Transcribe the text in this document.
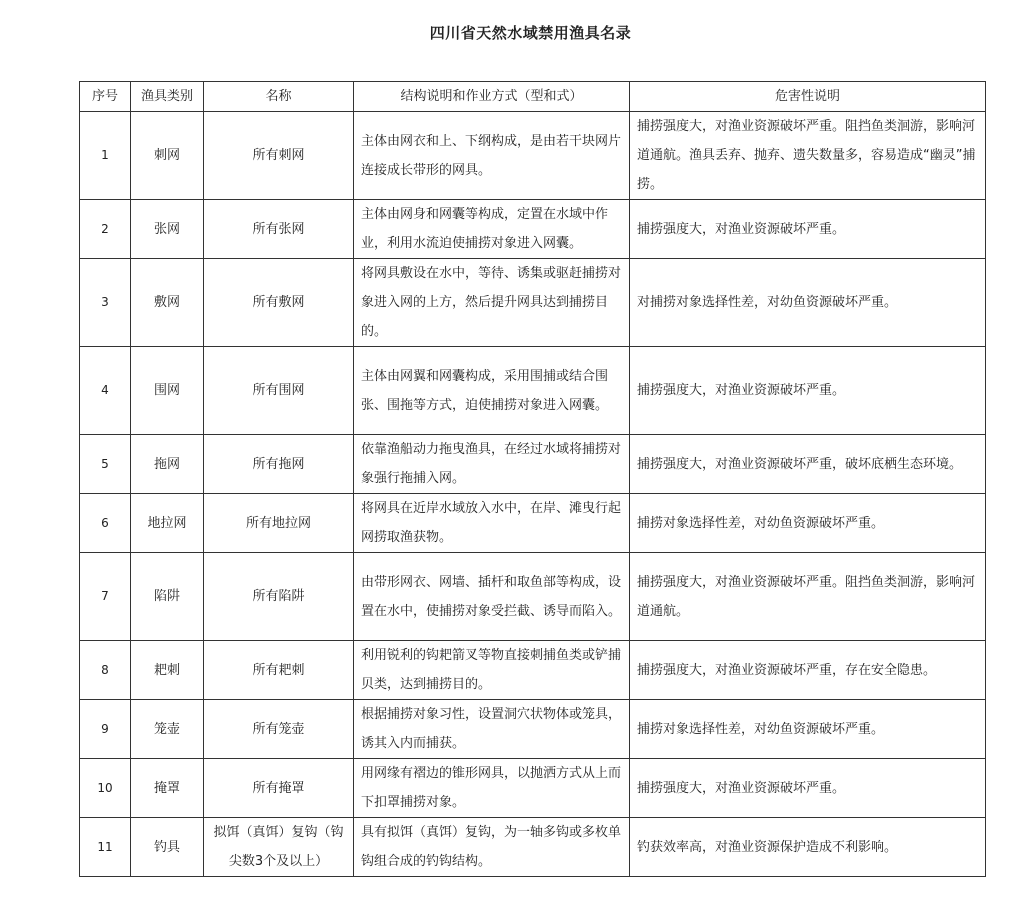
四川省天然水域禁用渔具名录
序号	渔具类别	名称	结构说明和作业方式（型和式）	危害性说明
1	刺网	所有刺网	主体由网衣和上、下纲构成，是由若干块网片连接成长带形的网具。	捕捞强度大，对渔业资源破坏严重。阻挡鱼类洄游，影响河道通航。渔具丢弃、抛弃、遗失数量多，容易造成“幽灵”捕捞。
2	张网	所有张网	主体由网身和网囊等构成，定置在水域中作业，利用水流迫使捕捞对象进入网囊。	捕捞强度大，对渔业资源破坏严重。
3	敷网	所有敷网	将网具敷设在水中，等待、诱集或驱赶捕捞对象进入网的上方，然后提升网具达到捕捞目的。	对捕捞对象选择性差，对幼鱼资源破坏严重。
4	围网	所有围网	主体由网翼和网囊构成，采用围捕或结合围张、围拖等方式，迫使捕捞对象进入网囊。	捕捞强度大，对渔业资源破坏严重。
5	拖网	所有拖网	依靠渔船动力拖曳渔具，在经过水域将捕捞对象强行拖捕入网。	捕捞强度大，对渔业资源破坏严重，破坏底栖生态环境。
6	地拉网	所有地拉网	将网具在近岸水域放入水中，在岸、滩曳行起网捞取渔获物。	捕捞对象选择性差，对幼鱼资源破坏严重。
7	陷阱	所有陷阱	由带形网衣、网墙、插杆和取鱼部等构成，设置在水中，使捕捞对象受拦截、诱导而陷入。	捕捞强度大，对渔业资源破坏严重。阻挡鱼类洄游，影响河道通航。
8	耙刺	所有耙刺	利用锐利的钩耙箭叉等物直接刺捕鱼类或铲捕贝类，达到捕捞目的。	捕捞强度大，对渔业资源破坏严重，存在安全隐患。
9	笼壶	所有笼壶	根据捕捞对象习性，设置洞穴状物体或笼具，诱其入内而捕获。	捕捞对象选择性差，对幼鱼资源破坏严重。
10	掩罩	所有掩罩	用网缘有褶边的锥形网具，以抛洒方式从上而下扣罩捕捞对象。	捕捞强度大，对渔业资源破坏严重。
11	钓具	拟饵（真饵）复钩（钩尖数3个及以上）	具有拟饵（真饵）复钩，为一轴多钩或多枚单钩组合成的钓钩结构。	钓获效率高，对渔业资源保护造成不利影响。
